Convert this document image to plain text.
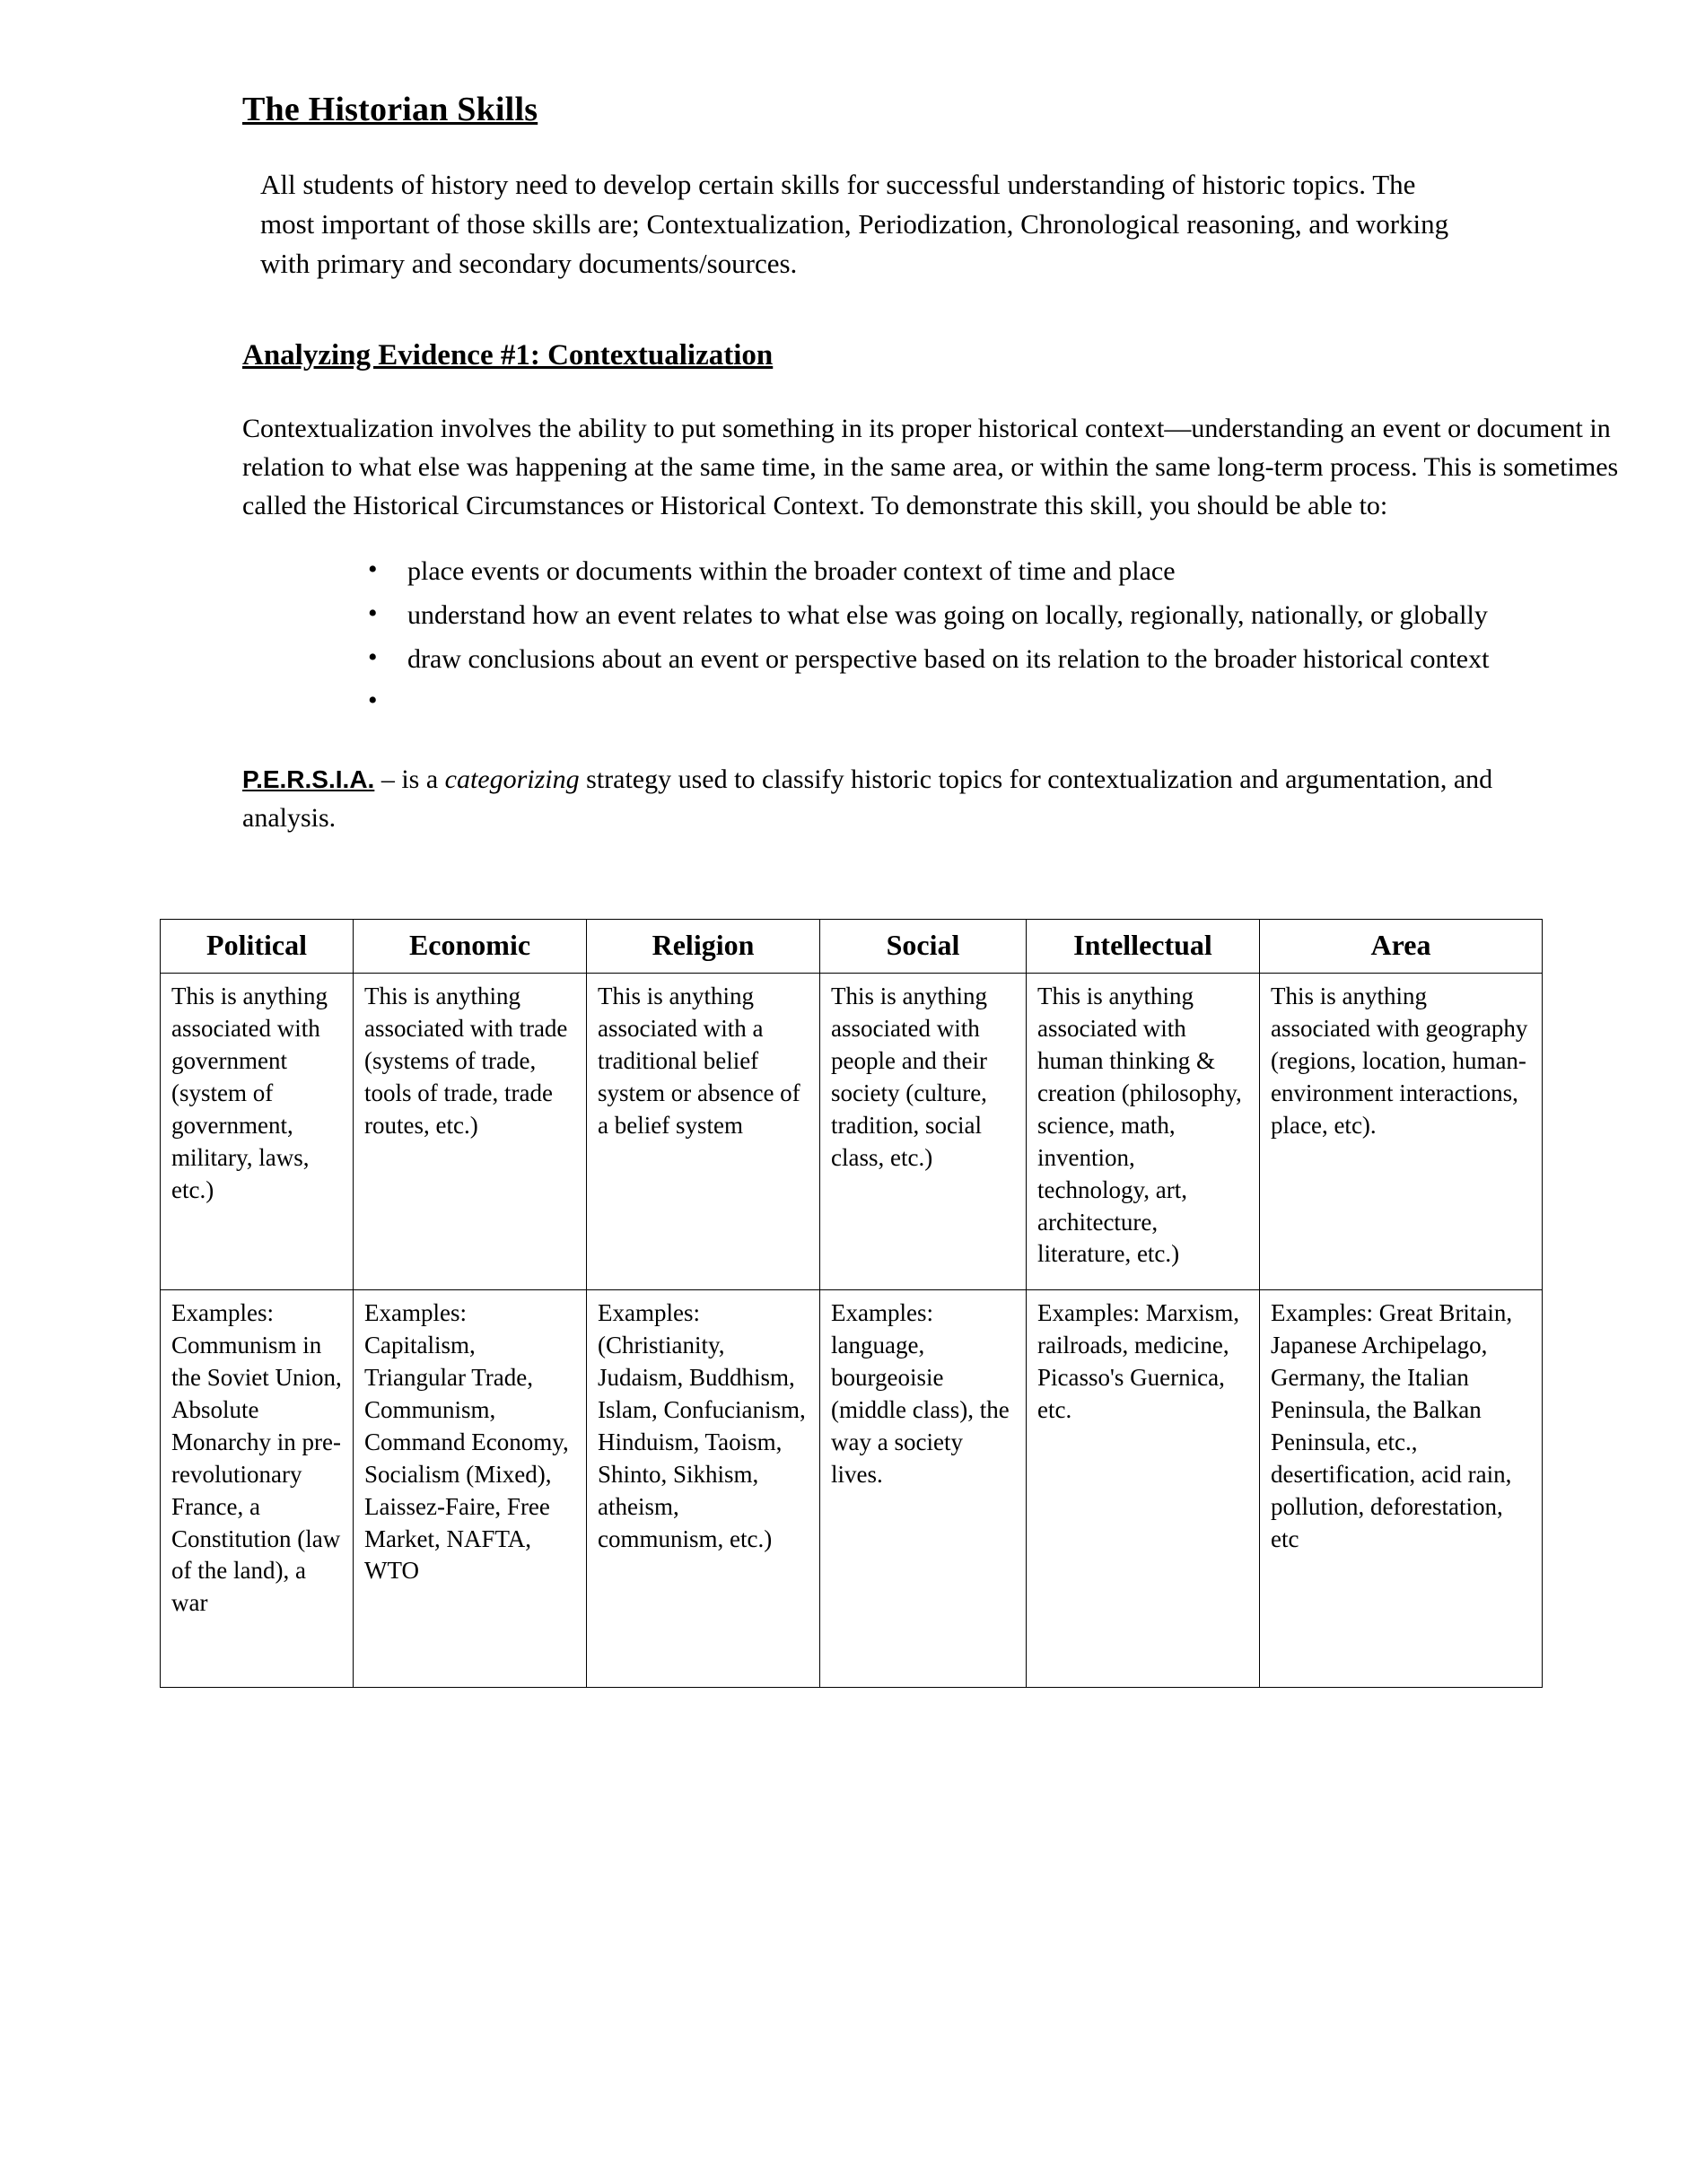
The Historian Skills

All students of history need to develop certain skills for successful understanding of historic topics. The most important of those skills are; Contextualization, Periodization, Chronological reasoning, and working with primary and secondary documents/sources.

Analyzing Evidence #1: Contextualization

Contextualization involves the ability to put something in its proper historical context—understanding an event or document in relation to what else was happening at the same time, in the same area, or within the same long-term process. This is sometimes called the Historical Circumstances or Historical Context. To demonstrate this skill, you should be able to:

• place events or documents within the broader context of time and place
• understand how an event relates to what else was going on locally, regionally, nationally, or globally
• draw conclusions about an event or perspective based on its relation to the broader historical context
•

P.E.R.S.I.A. – is a categorizing strategy used to classify historic topics for contextualization and argumentation, and analysis.

Political	Economic	Religion	Social	Intellectual	Area
This is anything associated with government (system of government, military, laws, etc.)	This is anything associated with trade (systems of trade, tools of trade, trade routes, etc.)	This is anything associated with a traditional belief system or absence of a belief system	This is anything associated with people and their society (culture, tradition, social class, etc.)	This is anything associated with human thinking & creation (philosophy, science, math, invention, technology, art, architecture, literature, etc.)	This is anything associated with geography (regions, location, human-environment interactions, place, etc).
Examples: Communism in the Soviet Union, Absolute Monarchy in pre-revolutionary France, a Constitution (law of the land), a war	Examples: Capitalism, Triangular Trade, Communism, Command Economy, Socialism (Mixed), Laissez-Faire, Free Market, NAFTA, WTO	Examples: (Christianity, Judaism, Buddhism, Islam, Confucianism, Hinduism, Taoism, Shinto, Sikhism, atheism, communism, etc.)	Examples: language, bourgeoisie (middle class), the way a society lives.	Examples: Marxism, railroads, medicine, Picasso's Guernica, etc.	Examples: Great Britain, Japanese Archipelago, Germany, the Italian Peninsula, the Balkan Peninsula, etc., desertification, acid rain, pollution, deforestation, etc
